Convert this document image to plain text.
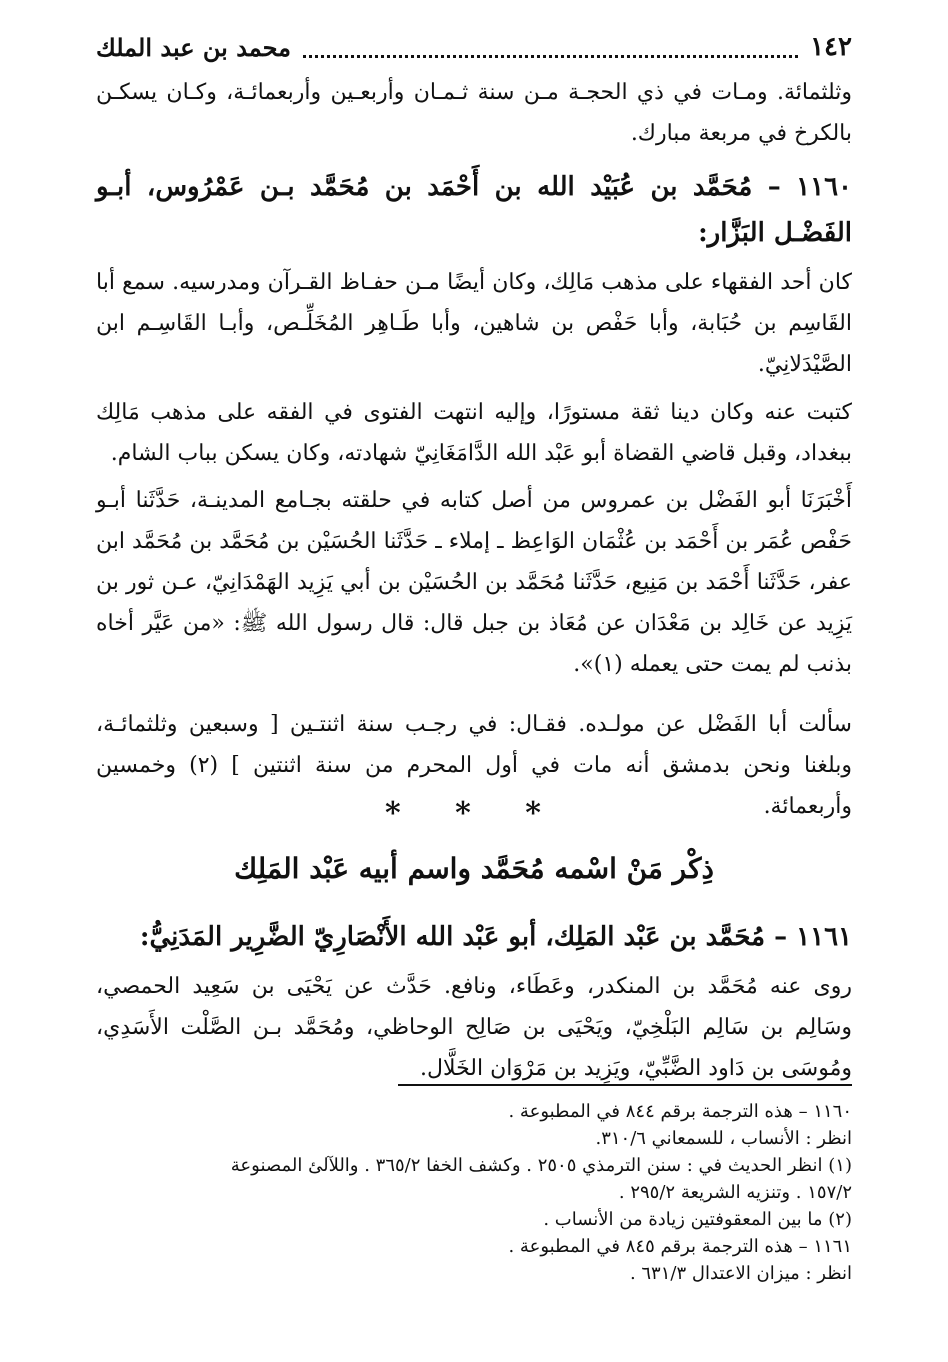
١٤٢
محمد بن عبد الملك
وثلثمائة. ومـات في ذي الحجـة مـن سنة ثـمـان وأربعـين وأربعمائـة، وكـان يسكـن بالكرخ في مربعة مبارك.
١١٦٠ – مُحَمَّد بن عُبَيْد الله بن أَحْمَد بن مُحَمَّد بـن عَمْرُوس، أبـو الفَضْـل البَزَّار:
كان أحد الفقهاء على مذهب مَالِك، وكان أيضًا مـن حفـاظ القـرآن ومدرسيه. سمع أبا القَاسِم بن حُبَابة، وأبا حَفْص بن شاهين، وأبا طَـاهِر المُخَلِّـص، وأبـا القَاسِـم ابن الصَّيْدَلانِيّ.
كتبت عنه وكان دينا ثقة مستورًا، وإليه انتهت الفتوى في الفقه على مذهب مَالِك ببغداد، وقبل قاضي القضاة أبو عَبْد الله الدَّامَغَانِيّ شهادته، وكان يسكن بباب الشام.
أَخْبَرَنَا أبو الفَضْل بن عمروس من أصل كتابه في حلقته بجـامع المدينـة، حَدَّثَنا أبـو حَفْص عُمَر بن أَحْمَد بن عُثْمَان الوَاعِظ ـ إملاء ـ حَدَّثَنا الحُسَيْن بن مُحَمَّد بن مُحَمَّد ابن عفر، حَدَّثَنا أَحْمَد بن مَنِيع، حَدَّثَنا مُحَمَّد بن الحُسَيْن بن أبي يَزِيد الهَمْدَانِيّ، عـن ثور بن يَزِيد عن خَالِد بن مَعْدَان عن مُعَاذ بن جبل قال: قال رسول الله ﷺ: «من عَيَّر أخاه بذنب لم يمت حتى يعمله (١)».
سألت أبا الفَضْل عن مولـده. فقـال: في رجـب سنة اثنتـين [ وسبعين وثلثمائـة، وبلغنا ونحن بدمشق أنه مات في أول المحرم من سنة اثنتين ] (٢) وخمسين وأربعمائة.
* * *
ذِكْر مَنْ اسْمه مُحَمَّد واسم أبيه عَبْد المَلِك
١١٦١ – مُحَمَّد بن عَبْد المَلِك، أبو عَبْد الله الأَنْصَارِيّ الضَّرِير المَدَنِيُّ:
روى عنه مُحَمَّد بن المنكدر، وعَطَاء، ونافع. حَدَّث عن يَحْيَى بن سَعِيد الحمصي، وسَالِم بن سَالِم البَلْخِيّ، ويَحْيَى بن صَالِح الوحاظي، ومُحَمَّد بـن الصَّلْت الأَسَدِي، ومُوسَى بن دَاود الضَّبِّيّ، ويَزِيد بن مَرْوَان الخَلَّال.
١١٦٠ – هذه الترجمة برقم ٨٤٤ في المطبوعة .
انظر : الأنساب ، للسمعاني ٣١٠/٦.
(١) انظر الحديث في : سنن الترمذي ٢٥٠٥ . وكشف الخفا ٣٦٥/٢ . واللآلئ المصنوعة
١٥٧/٢ . وتنزيه الشريعة ٢٩٥/٢ .
(٢) ما بين المعقوفتين زيادة من الأنساب .
١١٦١ – هذه الترجمة برقم ٨٤٥ في المطبوعة .
انظر : ميزان الاعتدال ٦٣١/٣ .
